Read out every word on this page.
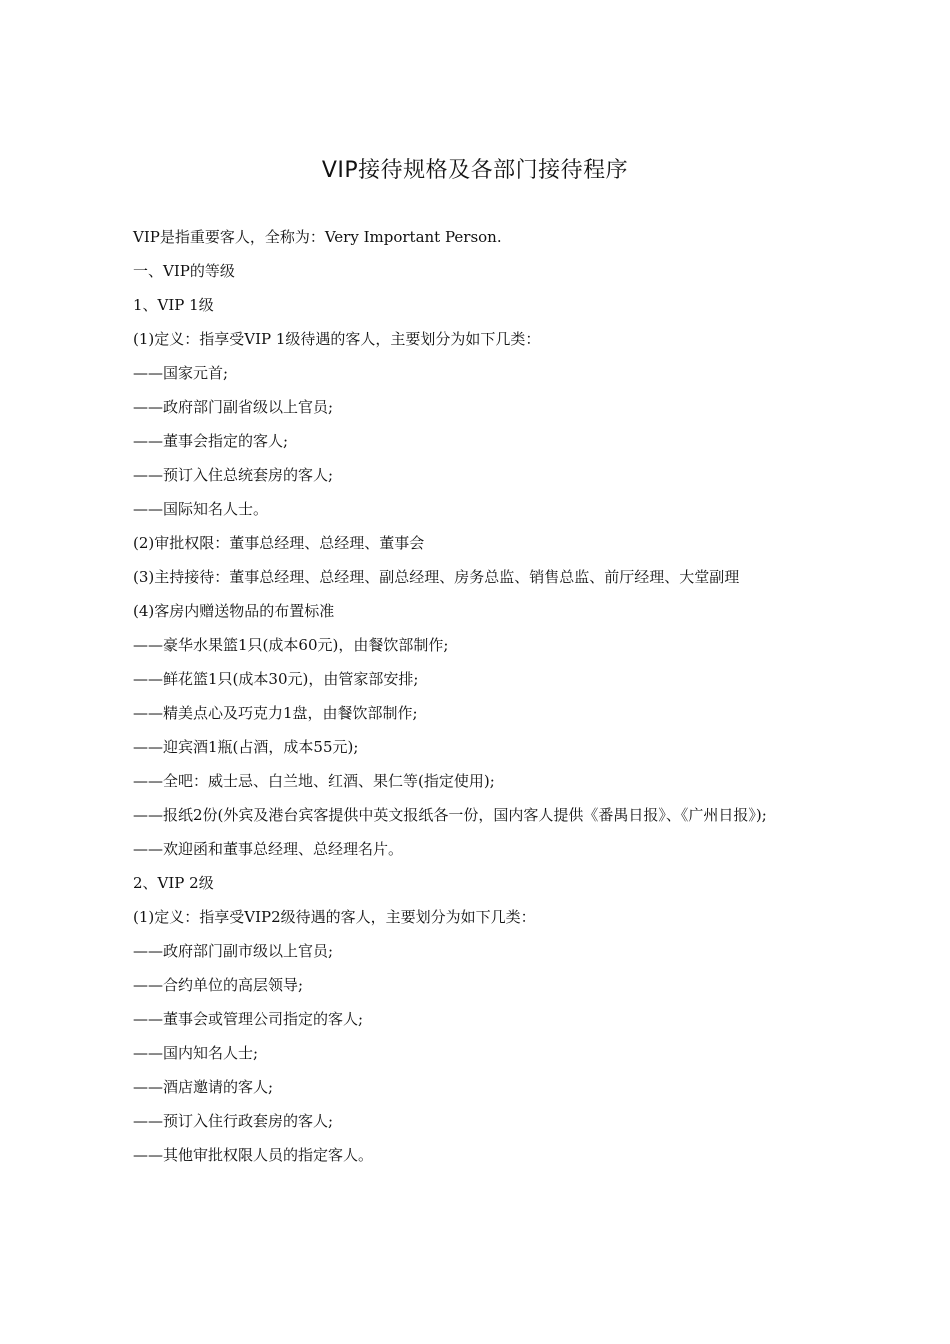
VIP接待规格及各部门接待程序

VIP是指重要客人，全称为：Very Important Person.

一、VIP的等级

1、VIP 1级

(1)定义：指享受VIP 1级待遇的客人，主要划分为如下几类：

——国家元首;

——政府部门副省级以上官员;

——董事会指定的客人;

——预订入住总统套房的客人;

——国际知名人士。

(2)审批权限：董事总经理、总经理、董事会

(3)主持接待：董事总经理、总经理、副总经理、房务总监、销售总监、前厅经理、大堂副理

(4)客房内赠送物品的布置标准

——豪华水果篮1只(成本60元)，由餐饮部制作;

——鲜花篮1只(成本30元)，由管家部安排;

——精美点心及巧克力1盘，由餐饮部制作;

——迎宾酒1瓶(占酒，成本55元);

——全吧：威士忌、白兰地、红酒、果仁等(指定使用);

——报纸2份(外宾及港台宾客提供中英文报纸各一份，国内客人提供《番禺日报》、《广州日报》);

——欢迎函和董事总经理、总经理名片。

2、VIP 2级

(1)定义：指享受VIP2级待遇的客人，主要划分为如下几类：

——政府部门副市级以上官员;

——合约单位的高层领导;

——董事会或管理公司指定的客人;

——国内知名人士;

——酒店邀请的客人;

——预订入住行政套房的客人;

——其他审批权限人员的指定客人。
